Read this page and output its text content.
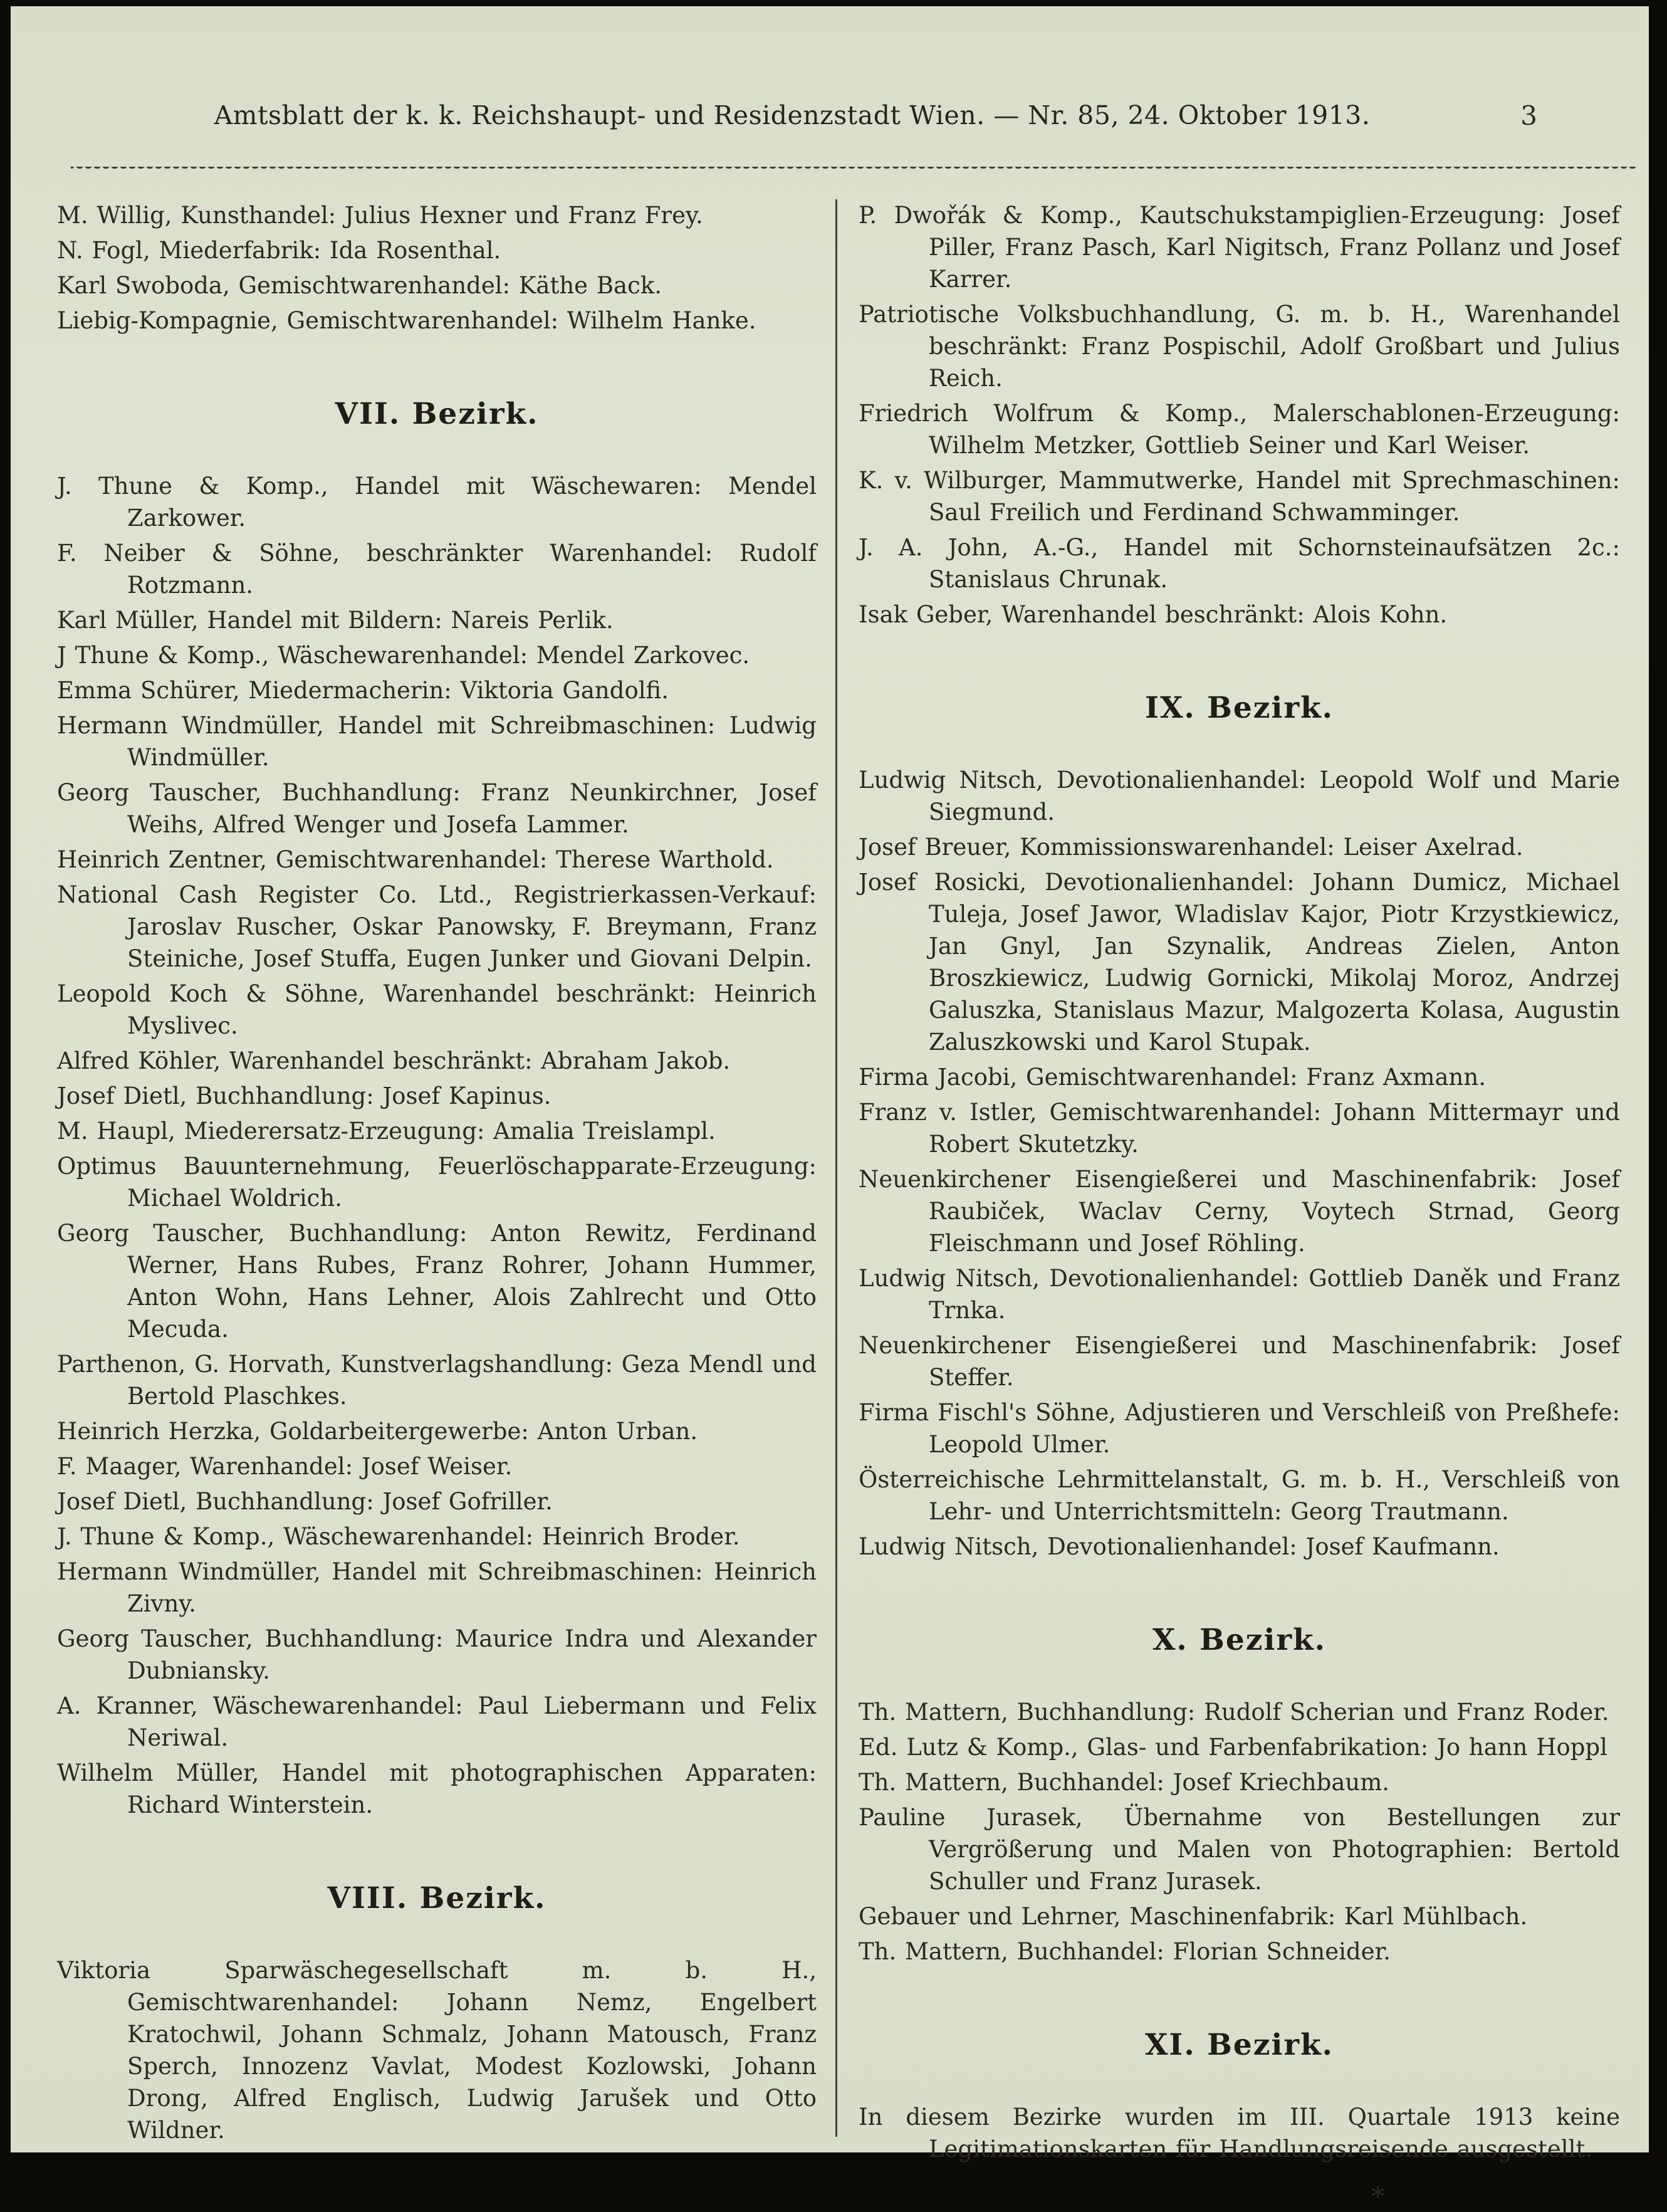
Amtsblatt der k. k. Reichshaupt- und Residenzstadt Wien. — Nr. 85, 24. Oktober 1913.	3

M. Willig, Kunsthandel: Julius Hexner und Franz Frey.

N. Fogl, Miederfabrik: Ida Rosenthal.

Karl Swoboda, Gemischtwarenhandel: Käthe Back.

Liebig-Kompagnie, Gemischtwarenhandel: Wilhelm Hanke.

VII. Bezirk.

J. Thune & Komp., Handel mit Wäschewaren: Mendel Zarkower.

F. Neiber & Söhne, beschränkter Warenhandel: Rudolf Rotzmann.

Karl Müller, Handel mit Bildern: Nareis Perlik.

J Thune & Komp., Wäschewarenhandel: Mendel Zarkovec.

Emma Schürer, Miedermacherin: Viktoria Gandolfi.

Hermann Windmüller, Handel mit Schreibmaschinen: Ludwig Windmüller.

Georg Tauscher, Buchhandlung: Franz Neunkirchner, Josef Weihs, Alfred Wenger und Josefa Lammer.

Heinrich Zentner, Gemischtwarenhandel: Therese Warthold.

National Cash Register Co. Ltd., Registrierkassen-Verkauf: Jaroslav Ruscher, Oskar Panowsky, F. Breymann, Franz Steiniche, Josef Stuffa, Eugen Junker und Giovani Delpin.

Leopold Koch & Söhne, Warenhandel beschränkt: Heinrich Myslivec.

Alfred Köhler, Warenhandel beschränkt: Abraham Jakob.

Josef Dietl, Buchhandlung: Josef Kapinus.

M. Haupl, Miederersatz-Erzeugung: Amalia Treislampl.

Optimus Bauunternehmung, Feuerlöschapparate-Erzeugung: Michael Woldrich.

Georg Tauscher, Buchhandlung: Anton Rewitz, Ferdinand Werner, Hans Rubes, Franz Rohrer, Johann Hummer, Anton Wohn, Hans Lehner, Alois Zahlrecht und Otto Mecuda.

Parthenon, G. Horvath, Kunstverlagshandlung: Geza Mendl und Bertold Plaschkes.

Heinrich Herzka, Goldarbeitergewerbe: Anton Urban.

F. Maager, Warenhandel: Josef Weiser.

Josef Dietl, Buchhandlung: Josef Gofriller.

J. Thune & Komp., Wäschewarenhandel: Heinrich Broder.

Hermann Windmüller, Handel mit Schreibmaschinen: Heinrich Zivny.

Georg Tauscher, Buchhandlung: Maurice Indra und Alexander Dubniansky.

A. Kranner, Wäschewarenhandel: Paul Liebermann und Felix Neriwal.

Wilhelm Müller, Handel mit photographischen Apparaten: Richard Winterstein.

VIII. Bezirk.

Viktoria Sparwäschegesellschaft m. b. H., Gemischtwarenhandel: Johann Nemz, Engelbert Kratochwil, Johann Schmalz, Johann Matousch, Franz Sperch, Innozenz Vavlat, Modest Kozlowski, Johann Drong, Alfred Englisch, Ludwig Jarušek und Otto Wildner.

P. Dwořák & Komp., Kautschukstampiglien-Erzeugung: Josef Piller, Franz Pasch, Karl Nigitsch, Franz Pollanz und Josef Karrer.

Patriotische Volksbuchhandlung, G. m. b. H., Warenhandel beschränkt: Franz Pospischil, Adolf Großbart und Julius Reich.

Friedrich Wolfrum & Komp., Malerschablonen-Erzeugung: Wilhelm Metzker, Gottlieb Seiner und Karl Weiser.

K. v. Wilburger, Mammutwerke, Handel mit Sprechmaschinen: Saul Freilich und Ferdinand Schwamminger.

J. A. John, A.-G., Handel mit Schornsteinaufsätzen 2c.: Stanislaus Chrunak.

Isak Geber, Warenhandel beschränkt: Alois Kohn.

IX. Bezirk.

Ludwig Nitsch, Devotionalienhandel: Leopold Wolf und Marie Siegmund.

Josef Breuer, Kommissionswarenhandel: Leiser Axelrad.

Josef Rosicki, Devotionalienhandel: Johann Dumicz, Michael Tuleja, Josef Jawor, Wladislav Kajor, Piotr Krzystkiewicz, Jan Gnyl, Jan Szynalik, Andreas Zielen, Anton Broszkiewicz, Ludwig Gornicki, Mikolaj Moroz, Andrzej Galuszka, Stanislaus Mazur, Malgozerta Kolasa, Augustin Zaluszkowski und Karol Stupak.

Firma Jacobi, Gemischtwarenhandel: Franz Axmann.

Franz v. Istler, Gemischtwarenhandel: Johann Mittermayr und Robert Skutetzky.

Neuenkirchener Eisengießerei und Maschinenfabrik: Josef Raubiček, Waclav Cerny, Voytech Strnad, Georg Fleischmann und Josef Röhling.

Ludwig Nitsch, Devotionalienhandel: Gottlieb Daněk und Franz Trnka.

Neuenkirchener Eisengießerei und Maschinenfabrik: Josef Steffer.

Firma Fischl's Söhne, Adjustieren und Verschleiß von Preßhefe: Leopold Ulmer.

Österreichische Lehrmittelanstalt, G. m. b. H., Verschleiß von Lehr- und Unterrichtsmitteln: Georg Trautmann.

Ludwig Nitsch, Devotionalienhandel: Josef Kaufmann.

X. Bezirk.

Th. Mattern, Buchhandlung: Rudolf Scherian und Franz Roder.

Ed. Lutz & Komp., Glas- und Farbenfabrikation: Jo hann Hoppl

Th. Mattern, Buchhandel: Josef Kriechbaum.

Pauline Jurasek, Übernahme von Bestellungen zur Vergrößerung und Malen von Photographien: Bertold Schuller und Franz Jurasek.

Gebauer und Lehrner, Maschinenfabrik: Karl Mühlbach.

Th. Mattern, Buchhandel: Florian Schneider.

XI. Bezirk.

In diesem Bezirke wurden im III. Quartale 1913 keine Legitimationskarten für Handlungsreisende ausgestellt.

*
